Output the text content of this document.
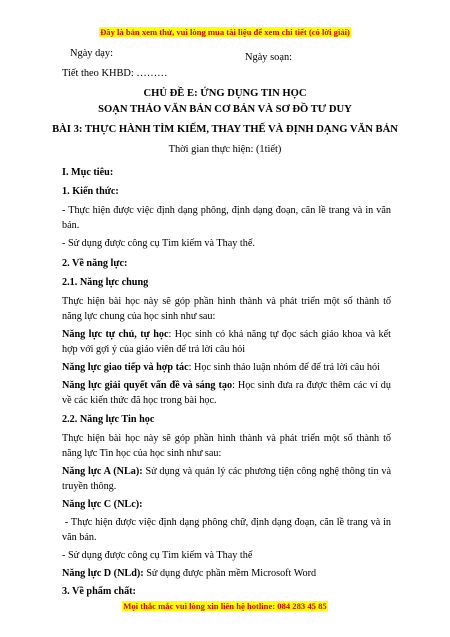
Đây là bản xem thử, vui lòng mua tài liệu để xem chi tiết (có lời giải)
Ngày dạy:	Ngày soạn:
Tiết theo KHBD: ………
CHỦ ĐỀ E: ỨNG DỤNG TIN HỌC
SOẠN THẢO VĂN BẢN CƠ BẢN VÀ SƠ ĐỒ TƯ DUY
BÀI 3: THỰC HÀNH TÌM KIẾM, THAY THẾ VÀ ĐỊNH DẠNG VĂN BẢN
Thời gian thực hiện: (1tiết)
I. Mục tiêu:
1. Kiến thức:
- Thực hiện được việc định dạng phông, định dạng đoạn, căn lề trang và in văn bản.
- Sử dụng được công cụ Tìm kiếm và Thay thế.
2. Về năng lực:
2.1. Năng lực chung
Thực hiện bài học này sẽ góp phần hình thành và phát triển một số thành tố năng lực chung của học sinh như sau:
Năng lực tự chủ, tự học: Học sinh có khả năng tự đọc sách giáo khoa và kết hợp với gợi ý của giáo viên để trả lời câu hỏi
Năng lực giao tiếp và hợp tác: Học sinh thảo luận nhóm để để trả lời câu hỏi
Năng lực giải quyết vấn đề và sáng tạo: Học sinh đưa ra được thêm các ví dụ về các kiến thức đã học trong bài học.
2.2. Năng lực Tin học
Thực hiện bài học này sẽ góp phần hình thành và phát triển một số thành tố năng lực Tin học của học sinh như sau:
Năng lực A (NLa): Sử dụng và quản lý các phương tiện công nghệ thông tin và truyền thông.
Năng lực C (NLc):
- Thực hiện được việc định dạng phông chữ, định dạng đoạn, căn lề trang và in văn bản.
- Sử dụng được công cụ Tìm kiếm và Thay thế
Năng lực D (NLd): Sử dụng được phần mềm Microsoft Word
3. Về phẩm chất:
Mọi thắc mắc vui lòng xin liên hệ hotline: 084 283 45 85
